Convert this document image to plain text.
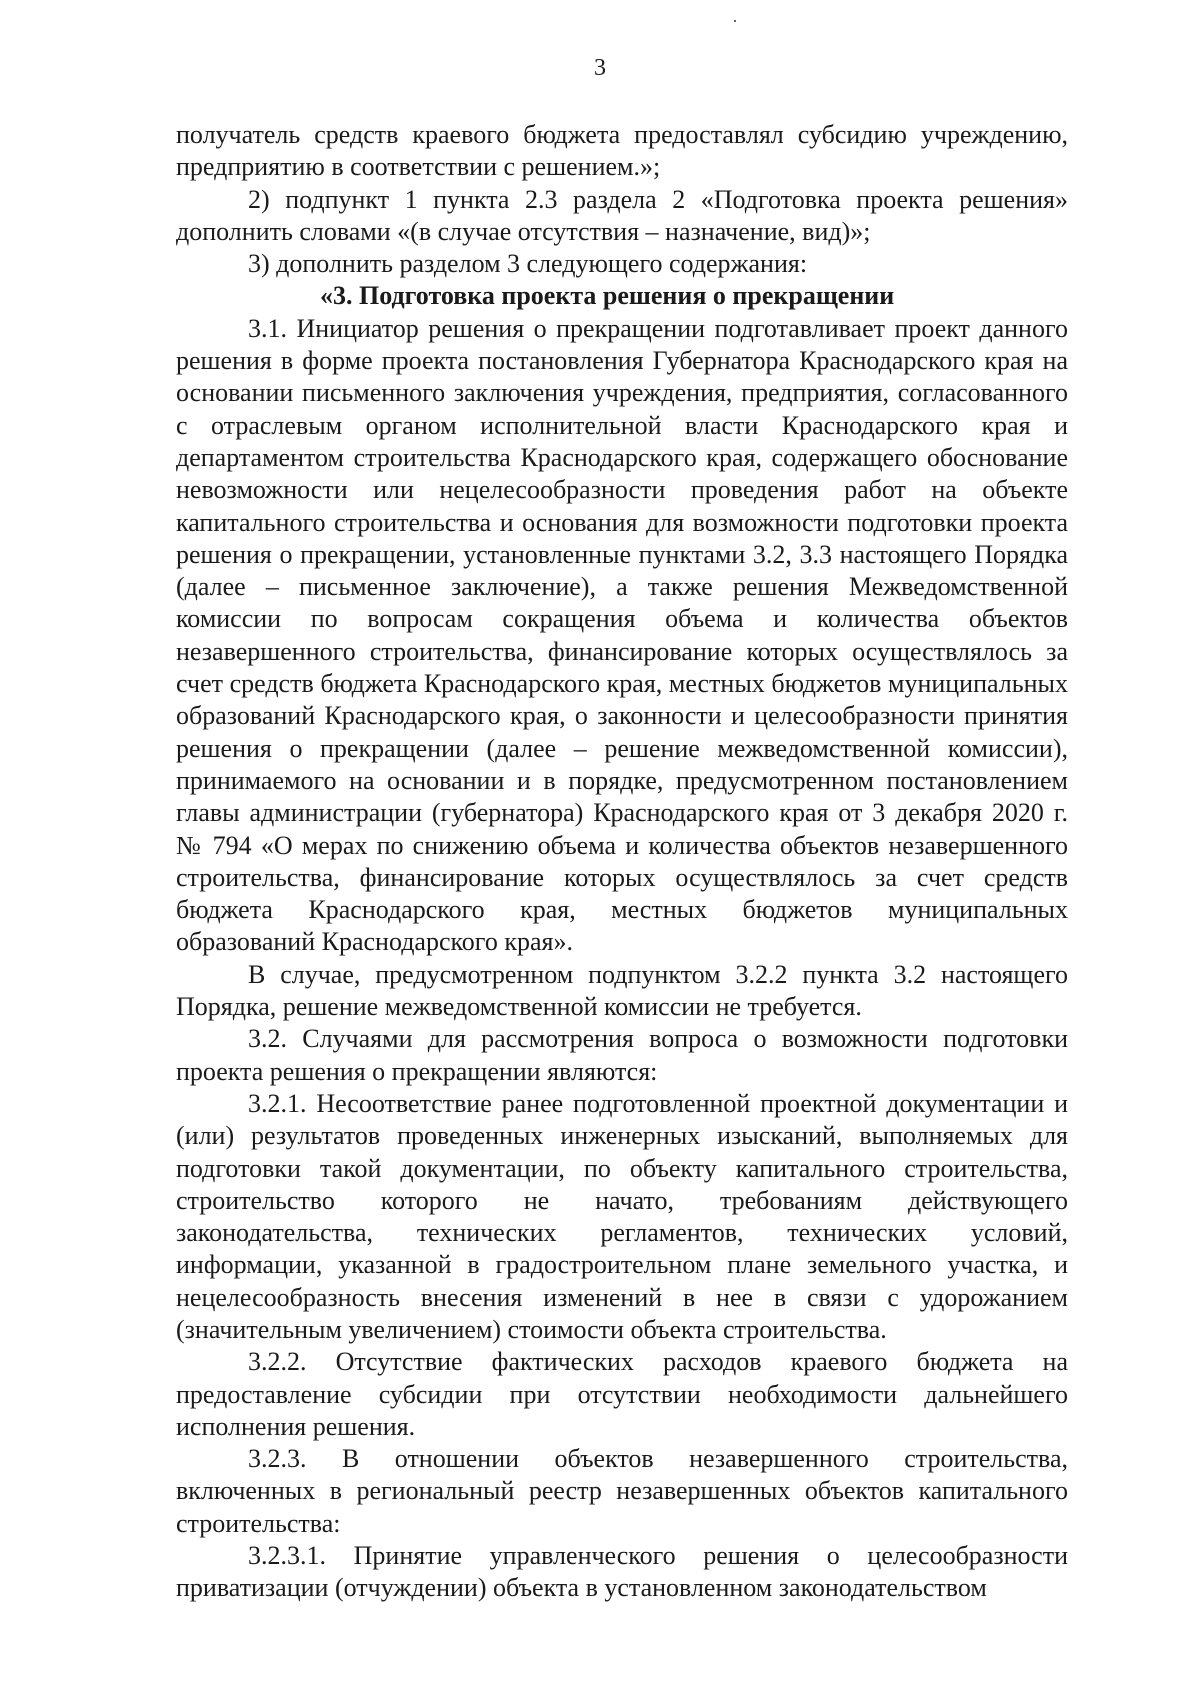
3

получатель средств краевого бюджета предоставлял субсидию учреждению, предприятию в соответствии с решением.»;

2) подпункт 1 пункта 2.3 раздела 2 «Подготовка проекта решения» дополнить словами «(в случае отсутствия – назначение, вид)»;

3) дополнить разделом 3 следующего содержания:

«3. Подготовка проекта решения о прекращении

3.1. Инициатор решения о прекращении подготавливает проект данного решения в форме проекта постановления Губернатора Краснодарского края на основании письменного заключения учреждения, предприятия, согласованного с отраслевым органом исполнительной власти Краснодарского края и департаментом строительства Краснодарского края, содержащего обоснование невозможности или нецелесообразности проведения работ на объекте капитального строительства и основания для возможности подготовки проекта решения о прекращении, установленные пунктами 3.2, 3.3 настоящего Порядка (далее – письменное заключение), а также решения Межведомственной комиссии по вопросам сокращения объема и количества объектов незавершенного строительства, финансирование которых осуществлялось за счет средств бюджета Краснодарского края, местных бюджетов муниципальных образований Краснодарского края, о законности и целесообразности принятия решения о прекращении (далее – решение межведомственной комиссии), принимаемого на основании и в порядке, предусмотренном постановлением главы администрации (губернатора) Краснодарского края от 3 декабря 2020 г. № 794 «О мерах по снижению объема и количества объектов незавершенного строительства, финансирование которых осуществлялось за счет средств бюджета Краснодарского края, местных бюджетов муниципальных образований Краснодарского края».

В случае, предусмотренном подпунктом 3.2.2 пункта 3.2 настоящего Порядка, решение межведомственной комиссии не требуется.

3.2. Случаями для рассмотрения вопроса о возможности подготовки проекта решения о прекращении являются:

3.2.1. Несоответствие ранее подготовленной проектной документации и (или) результатов проведенных инженерных изысканий, выполняемых для подготовки такой документации, по объекту капитального строительства, строительство которого не начато, требованиям действующего законодательства, технических регламентов, технических условий, информации, указанной в градостроительном плане земельного участка, и нецелесообразность внесения изменений в нее в связи с удорожанием (значительным увеличением) стоимости объекта строительства.

3.2.2. Отсутствие фактических расходов краевого бюджета на предоставление субсидии при отсутствии необходимости дальнейшего исполнения решения.

3.2.3. В отношении объектов незавершенного строительства, включенных в региональный реестр незавершенных объектов капитального строительства:

3.2.3.1. Принятие управленческого решения о целесообразности приватизации (отчуждении) объекта в установленном законодательством
